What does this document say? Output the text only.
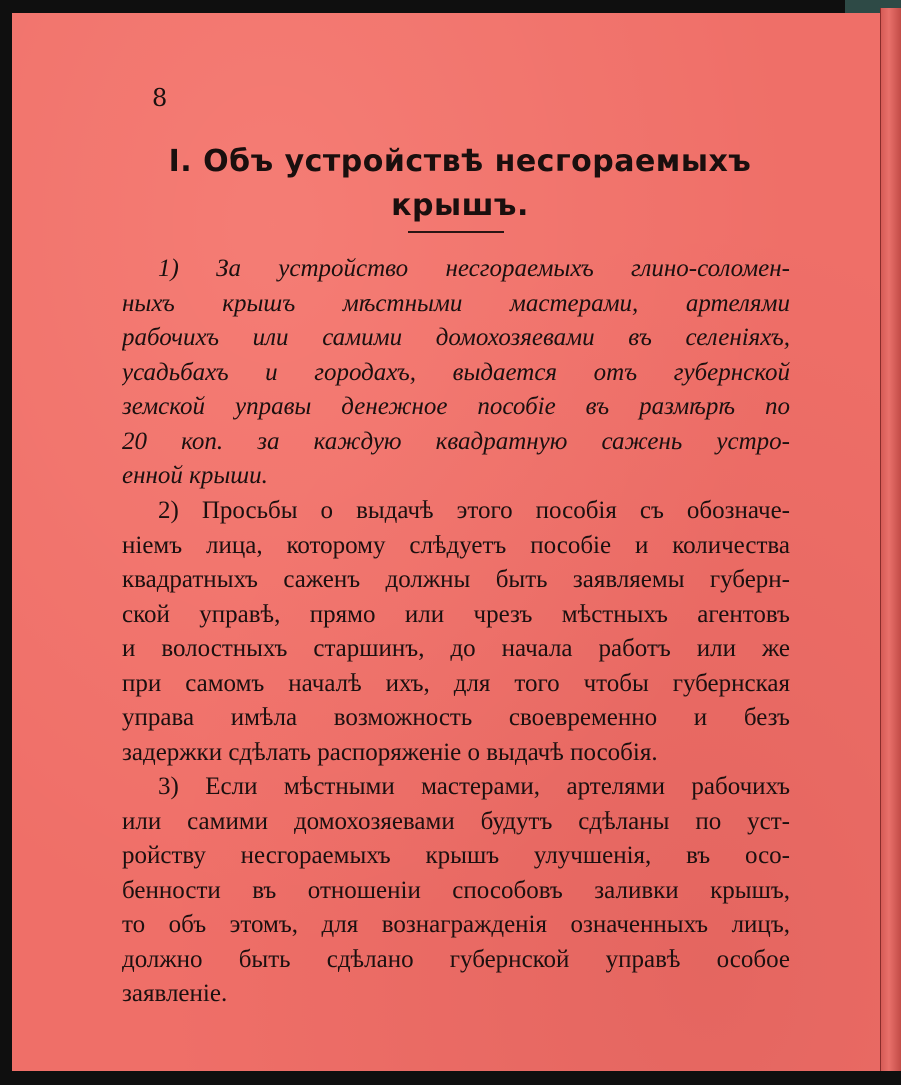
8
I. Объ устройствѣ несгораемыхъ
крышъ.
1) За устройство несгораемыхъ глино-соломен-
ныхъ крышъ мѣстными мастерами, артелями
рабочихъ или самими домохозяевами въ селеніяхъ,
усадьбахъ и городахъ, выдается отъ губернской
земской управы денежное пособіе въ размѣрѣ по
20 коп. за каждую квадратную сажень устро-
енной крыши.
2) Просьбы о выдачѣ этого пособія съ обозначе-
ніемъ лица, которому слѣдуетъ пособіе и количества
квадратныхъ саженъ должны быть заявляемы губерн-
ской управѣ, прямо или чрезъ мѣстныхъ агентовъ
и волостныхъ старшинъ, до начала работъ или же
при самомъ началѣ ихъ, для того чтобы губернская
управа имѣла возможность своевременно и безъ
задержки сдѣлать распоряженіе о выдачѣ пособія.
3) Если мѣстными мастерами, артелями рабочихъ
или самими домохозяевами будутъ сдѣланы по уст-
ройству несгораемыхъ крышъ улучшенія, въ осо-
бенности въ отношеніи способовъ заливки крышъ,
то объ этомъ, для вознагражденія означенныхъ лицъ,
должно быть сдѣлано губернской управѣ особое
заявленіе.
